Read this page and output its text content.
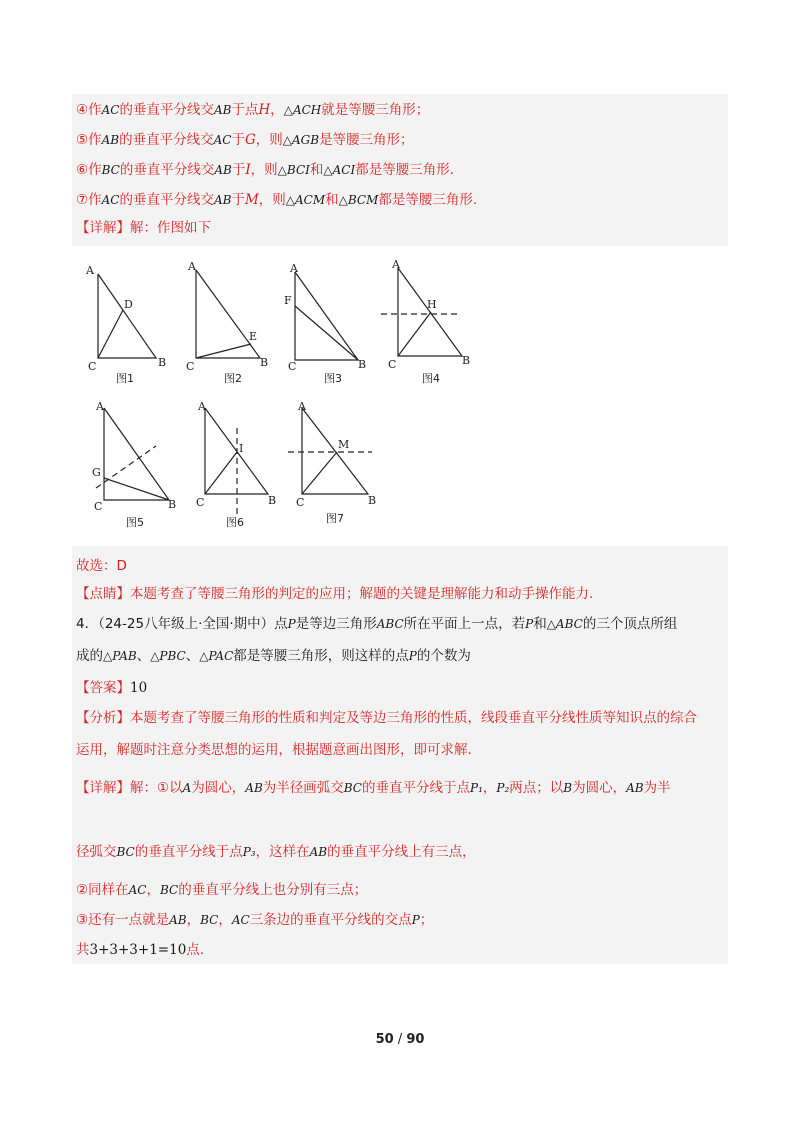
④作AC的垂直平分线交AB于点H，△ACH就是等腰三角形；
⑤作AB的垂直平分线交AC于G，则△AGB是等腰三角形；
⑥作BC的垂直平分线交AB于I，则△BCI和△ACI都是等腰三角形.
⑦作AC的垂直平分线交AB于M，则△ACM和△BCM都是等腰三角形.
【详解】解：作图如下
A
D
C	B
图1
A
E
C	B
图2
A
F
C	B
图3
A
H
C	B
图4
A
G
C	B
图5
A
I
C	B
图6
A
M
C	B
图7
故选：D
【点睛】本题考查了等腰三角形的判定的应用；解题的关键是理解能力和动手操作能力.
4．（24-25八年级上·全国·期中）点P是等边三角形ABC所在平面上一点，若P和△ABC的三个顶点所组
成的△PAB、△PBC、△PAC都是等腰三角形，则这样的点P的个数为
【答案】10
【分析】本题考查了等腰三角形的性质和判定及等边三角形的性质，线段垂直平分线性质等知识点的综合
运用，解题时注意分类思想的运用，根据题意画出图形，即可求解.
【详解】解：①以A为圆心，AB为半径画弧交BC的垂直平分线于点P₁，P₂两点；以B为圆心，AB为半
径弧交BC的垂直平分线于点P₃，这样在AB的垂直平分线上有三点，
②同样在AC，BC的垂直平分线上也分别有三点；
③还有一点就是AB，BC，AC三条边的垂直平分线的交点P；
共3+3+3+1=10点.
50 / 90
